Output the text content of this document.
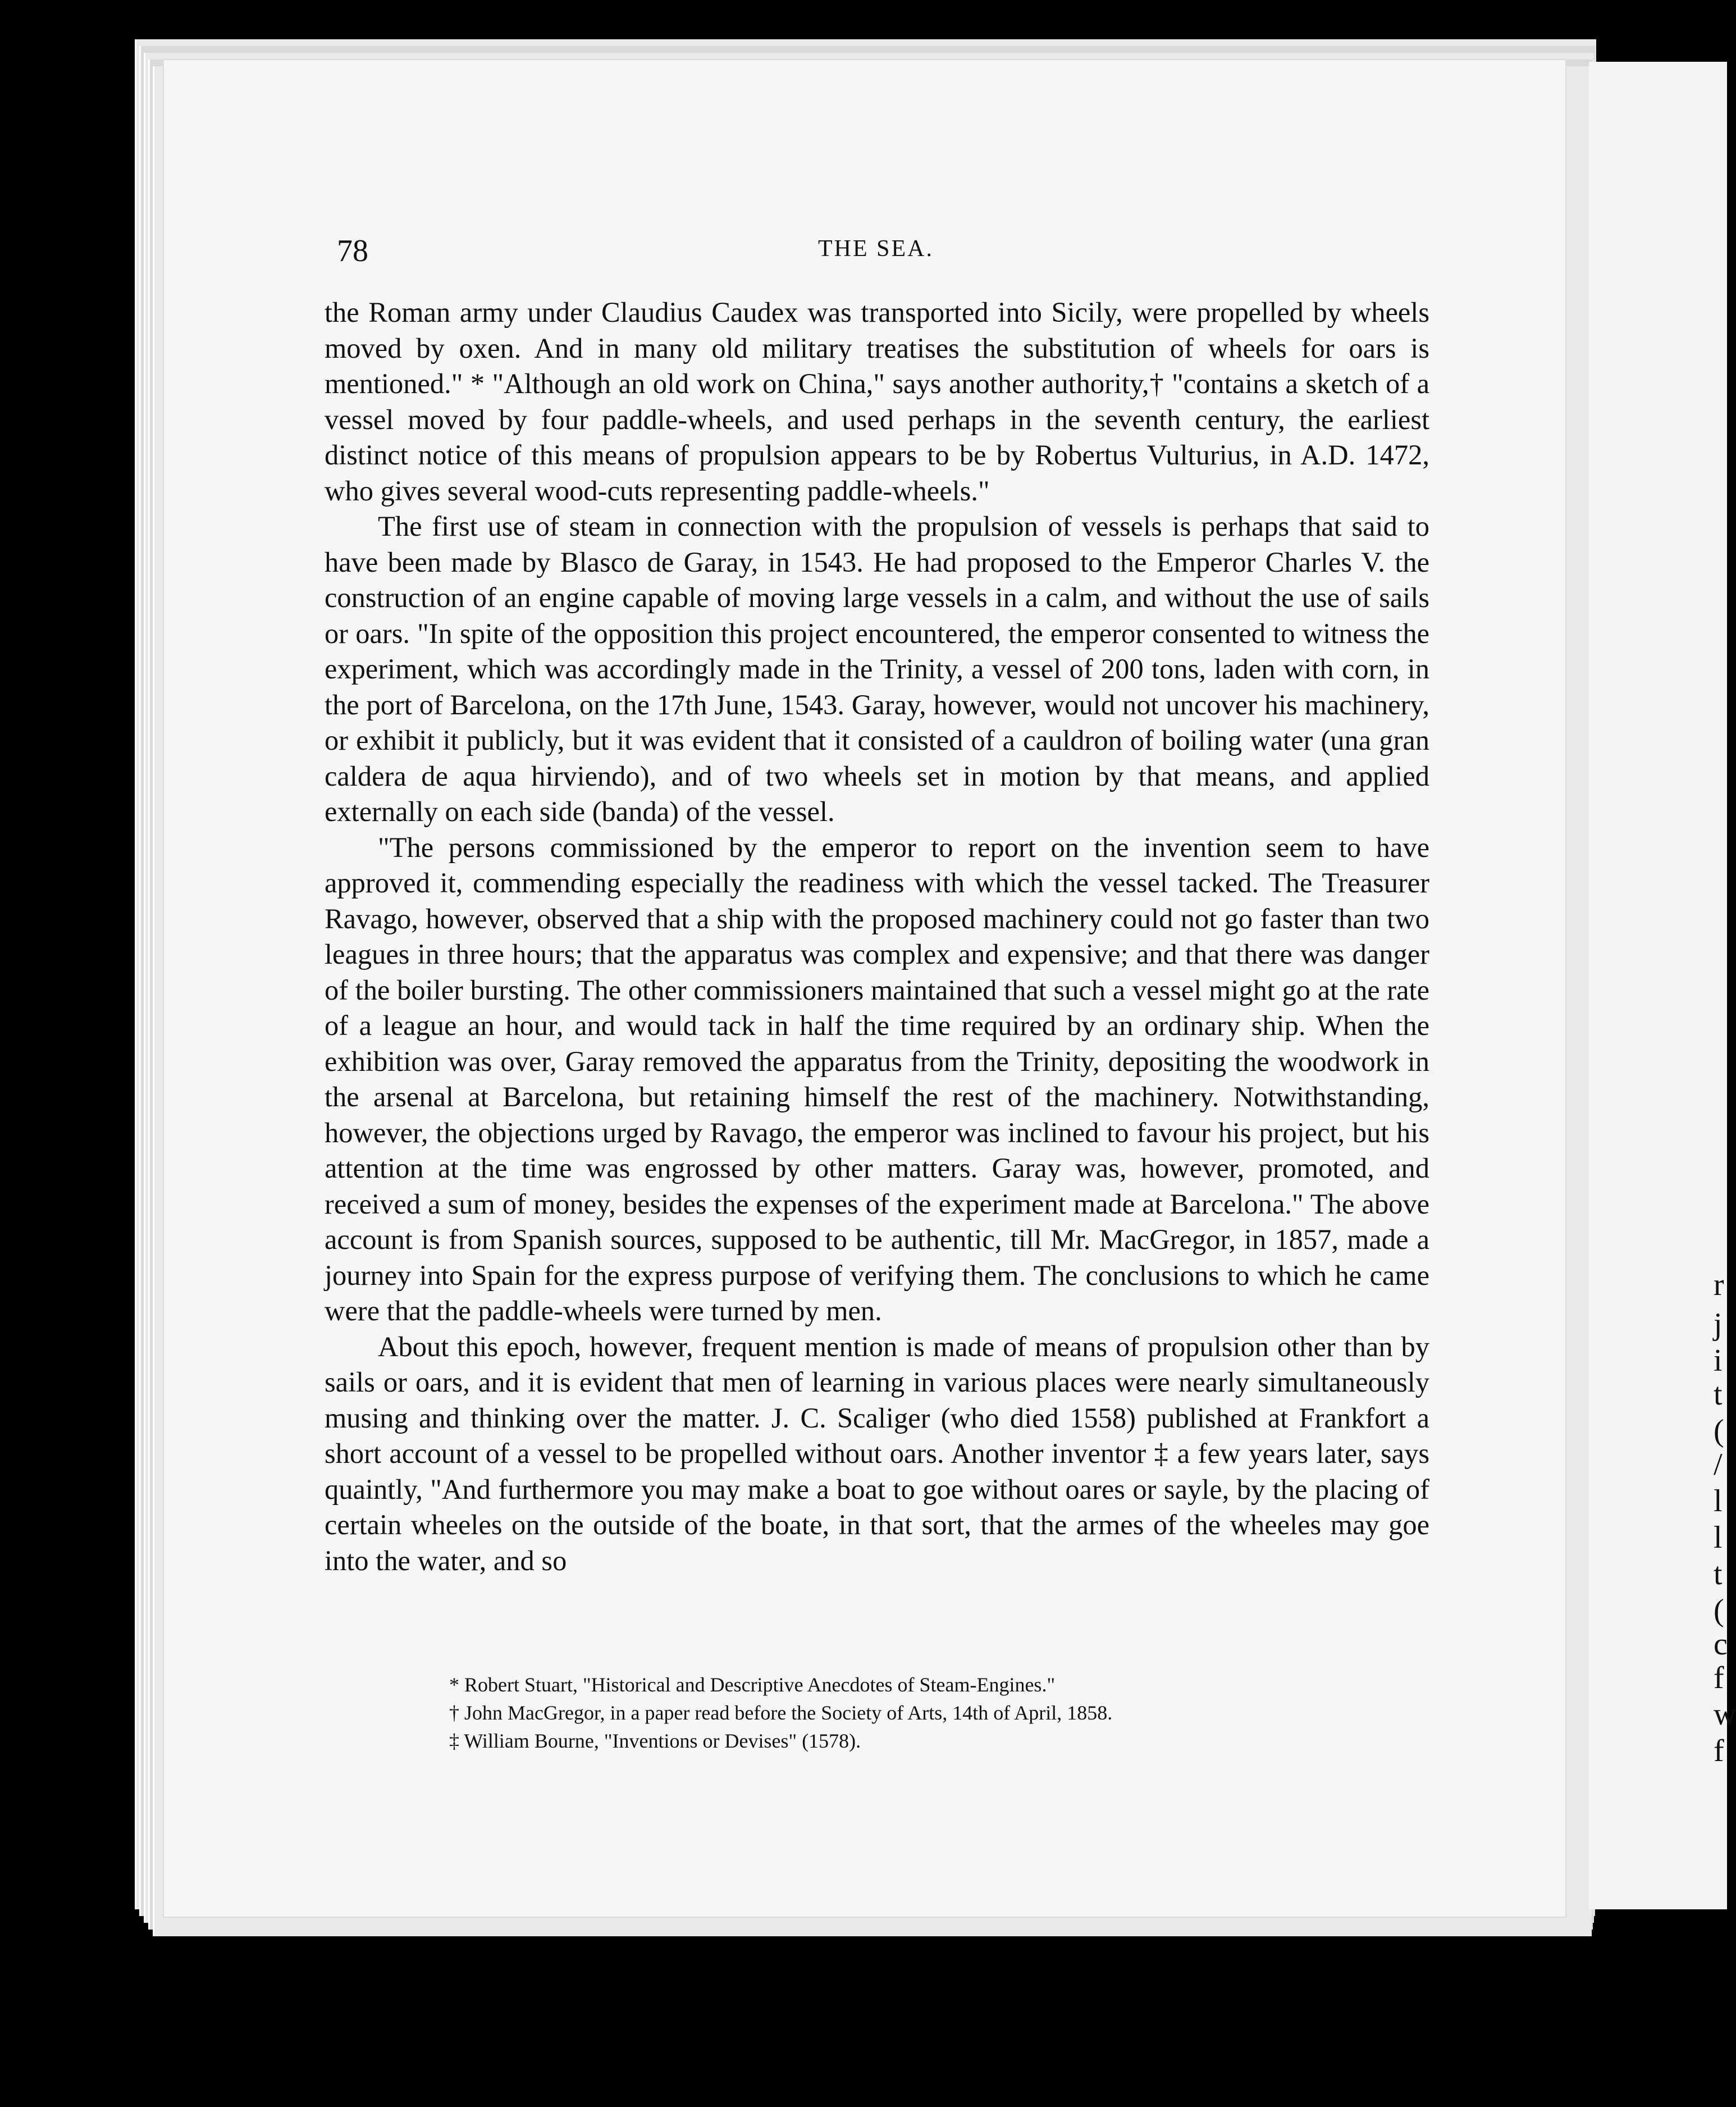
r
j
i
t
(
/
l
l
t
(
c
f
w
f
78	THE SEA.

the Roman army under Claudius Caudex was transported into Sicily, were propelled by wheels moved by oxen. And in many old military treatises the substitution of wheels for oars is mentioned." * "Although an old work on China," says another authority,† "contains a sketch of a vessel moved by four paddle-wheels, and used perhaps in the seventh century, the earliest distinct notice of this means of propulsion appears to be by Robertus Vulturius, in A.D. 1472, who gives several wood-cuts representing paddle-wheels."

The first use of steam in connection with the propulsion of vessels is perhaps that said to have been made by Blasco de Garay, in 1543. He had proposed to the Emperor Charles V. the construction of an engine capable of moving large vessels in a calm, and without the use of sails or oars. "In spite of the opposition this project encountered, the emperor consented to witness the experiment, which was accordingly made in the Trinity, a vessel of 200 tons, laden with corn, in the port of Barcelona, on the 17th June, 1543. Garay, however, would not uncover his machinery, or exhibit it publicly, but it was evident that it consisted of a cauldron of boiling water (una gran caldera de aqua hirviendo), and of two wheels set in motion by that means, and applied externally on each side (banda) of the vessel.

"The persons commissioned by the emperor to report on the invention seem to have approved it, commending especially the readiness with which the vessel tacked. The Treasurer Ravago, however, observed that a ship with the proposed machinery could not go faster than two leagues in three hours; that the apparatus was complex and expensive; and that there was danger of the boiler bursting. The other commissioners maintained that such a vessel might go at the rate of a league an hour, and would tack in half the time required by an ordinary ship. When the exhibition was over, Garay removed the apparatus from the Trinity, depositing the woodwork in the arsenal at Barcelona, but retaining himself the rest of the machinery. Notwithstanding, however, the objections urged by Ravago, the emperor was inclined to favour his project, but his attention at the time was engrossed by other matters. Garay was, however, promoted, and received a sum of money, besides the expenses of the experiment made at Barcelona." The above account is from Spanish sources, supposed to be authentic, till Mr. MacGregor, in 1857, made a journey into Spain for the express purpose of verifying them. The conclusions to which he came were that the paddle-wheels were turned by men.

About this epoch, however, frequent mention is made of means of propulsion other than by sails or oars, and it is evident that men of learning in various places were nearly simultaneously musing and thinking over the matter. J. C. Scaliger (who died 1558) published at Frankfort a short account of a vessel to be propelled without oars. Another inventor ‡ a few years later, says quaintly, "And furthermore you may make a boat to goe without oares or sayle, by the placing of certain wheeles on the outside of the boate, in that sort, that the armes of the wheeles may goe into the water, and so

* Robert Stuart, "Historical and Descriptive Anecdotes of Steam-Engines."
† John MacGregor, in a paper read before the Society of Arts, 14th of April, 1858.
‡ William Bourne, "Inventions or Devises" (1578).
